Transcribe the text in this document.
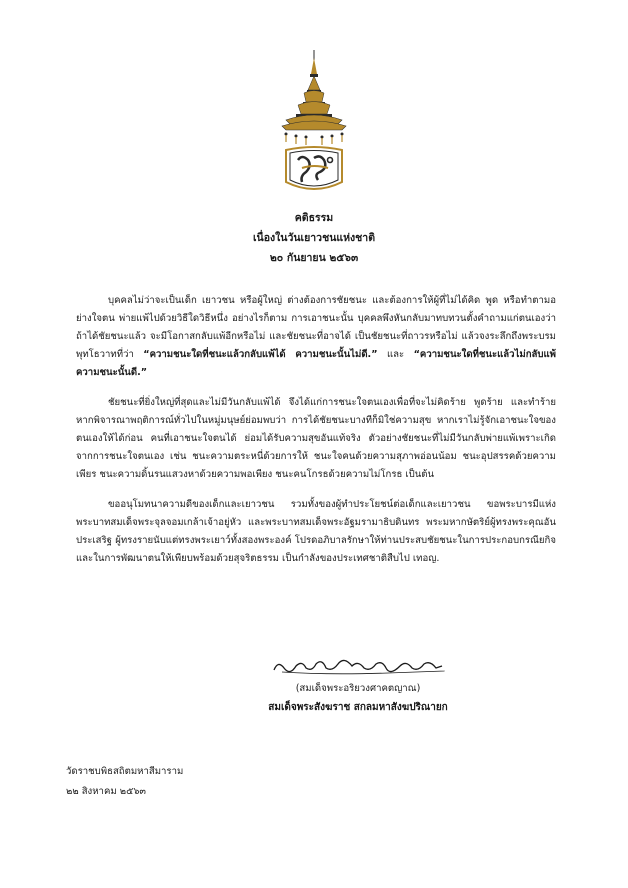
คติธรรม
เนื่องในวันเยาวชนแห่งชาติ
๒๐ กันยายน ๒๕๖๓

บุคคลไม่ว่าจะเป็นเด็ก เยาวชน หรือผู้ใหญ่ ต่างต้องการชัยชนะ และต้องการให้ผู้ที่ไม่ได้คิด พูด หรือทำตามอย่างใจตน พ่ายแพ้ไปด้วยวิธีใดวิธีหนึ่ง อย่างไรก็ตาม การเอาชนะนั้น บุคคลพึงหันกลับมาทบทวนตั้งคำถามแก่ตนเองว่า ถ้าได้ชัยชนะแล้ว จะมีโอกาสกลับแพ้อีกหรือไม่ และชัยชนะที่อาจได้ เป็นชัยชนะที่ถาวรหรือไม่ แล้วจงระลึกถึงพระบรมพุทโธวาทที่ว่า “ความชนะใดที่ชนะแล้วกลับแพ้ได้ ความชนะนั้นไม่ดี.” และ “ความชนะใดที่ชนะแล้วไม่กลับแพ้ ความชนะนั้นดี.”

ชัยชนะที่ยิ่งใหญ่ที่สุดและไม่มีวันกลับแพ้ได้ จึงได้แก่การชนะใจตนเองเพื่อที่จะไม่คิดร้าย พูดร้าย และทำร้าย หากพิจารณาพฤติการณ์ทั่วไปในหมู่มนุษย์ย่อมพบว่า การได้ชัยชนะบางทีก็มิใช่ความสุข หากเราไม่รู้จักเอาชนะใจของตนเองให้ได้ก่อน คนที่เอาชนะใจตนได้ ย่อมได้รับความสุขอันแท้จริง ตัวอย่างชัยชนะที่ไม่มีวันกลับพ่ายแพ้เพราะเกิดจากการชนะใจตนเอง เช่น ชนะความตระหนี่ด้วยการให้ ชนะใจคนด้วยความสุภาพอ่อนน้อม ชนะอุปสรรคด้วยความเพียร ชนะความดิ้นรนแสวงหาด้วยความพอเพียง ชนะคนโกรธด้วยความไม่โกรธ เป็นต้น

ขออนุโมทนาความดีของเด็กและเยาวชน รวมทั้งของผู้ทำประโยชน์ต่อเด็กและเยาวชน ขอพระบารมีแห่งพระบาทสมเด็จพระจุลจอมเกล้าเจ้าอยู่หัว และพระบาทสมเด็จพระอัฐมรามาธิบดินทร พระมหากษัตริย์ผู้ทรงพระคุณอันประเสริฐ ผู้ทรงรายนับแต่ทรงพระเยาว์ทั้งสองพระองค์ โปรดอภิบาลรักษาให้ท่านประสบชัยชนะในการประกอบกรณียกิจ และในการพัฒนาตนให้เพียบพร้อมด้วยสุจริตธรรม เป็นกำลังของประเทศชาติสืบไป เทอญ.

(สมเด็จพระอริยวงศาคตญาณ)
สมเด็จพระสังฆราช สกลมหาสังฆปริณายก
วัดราชบพิธสถิตมหาสีมาราม
๒๒ สิงหาคม ๒๕๖๓
